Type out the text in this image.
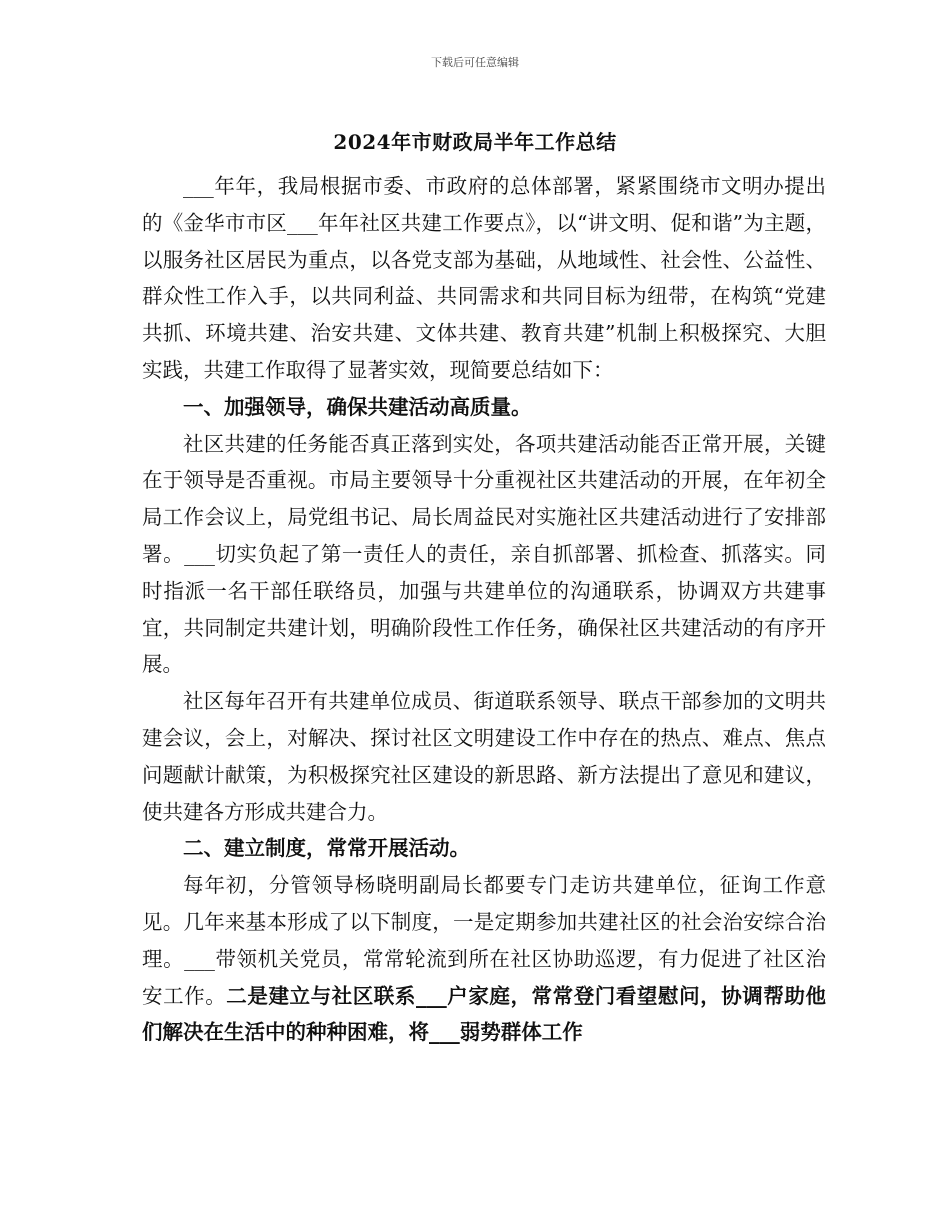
下载后可任意编辑
2024年市财政局半年工作总结

___年年，我局根据市委、市政府的总体部署，紧紧围绕市文明办提出的《金华市市区___年年社区共建工作要点》，以“讲文明、促和谐”为主题，以服务社区居民为重点，以各党支部为基础，从地域性、社会性、公益性、群众性工作入手，以共同利益、共同需求和共同目标为纽带，在构筑“党建共抓、环境共建、治安共建、文体共建、教育共建”机制上积极探究、大胆实践，共建工作取得了显著实效，现简要总结如下：

一、加强领导，确保共建活动高质量。

社区共建的任务能否真正落到实处，各项共建活动能否正常开展，关键在于领导是否重视。市局主要领导十分重视社区共建活动的开展，在年初全局工作会议上，局党组书记、局长周益民对实施社区共建活动进行了安排部署。___切实负起了第一责任人的责任，亲自抓部署、抓检查、抓落实。同时指派一名干部任联络员，加强与共建单位的沟通联系，协调双方共建事宜，共同制定共建计划，明确阶段性工作任务，确保社区共建活动的有序开展。

社区每年召开有共建单位成员、街道联系领导、联点干部参加的文明共建会议，会上，对解决、探讨社区文明建设工作中存在的热点、难点、焦点问题献计献策，为积极探究社区建设的新思路、新方法提出了意见和建议，使共建各方形成共建合力。

二、建立制度，常常开展活动。

每年初，分管领导杨晓明副局长都要专门走访共建单位，征询工作意见。几年来基本形成了以下制度，一是定期参加共建社区的社会治安综合治理。___带领机关党员，常常轮流到所在社区协助巡逻，有力促进了社区治安工作。二是建立与社区联系___户家庭，常常登门看望慰问，协调帮助他们解决在生活中的种种困难，将___弱势群体工作
